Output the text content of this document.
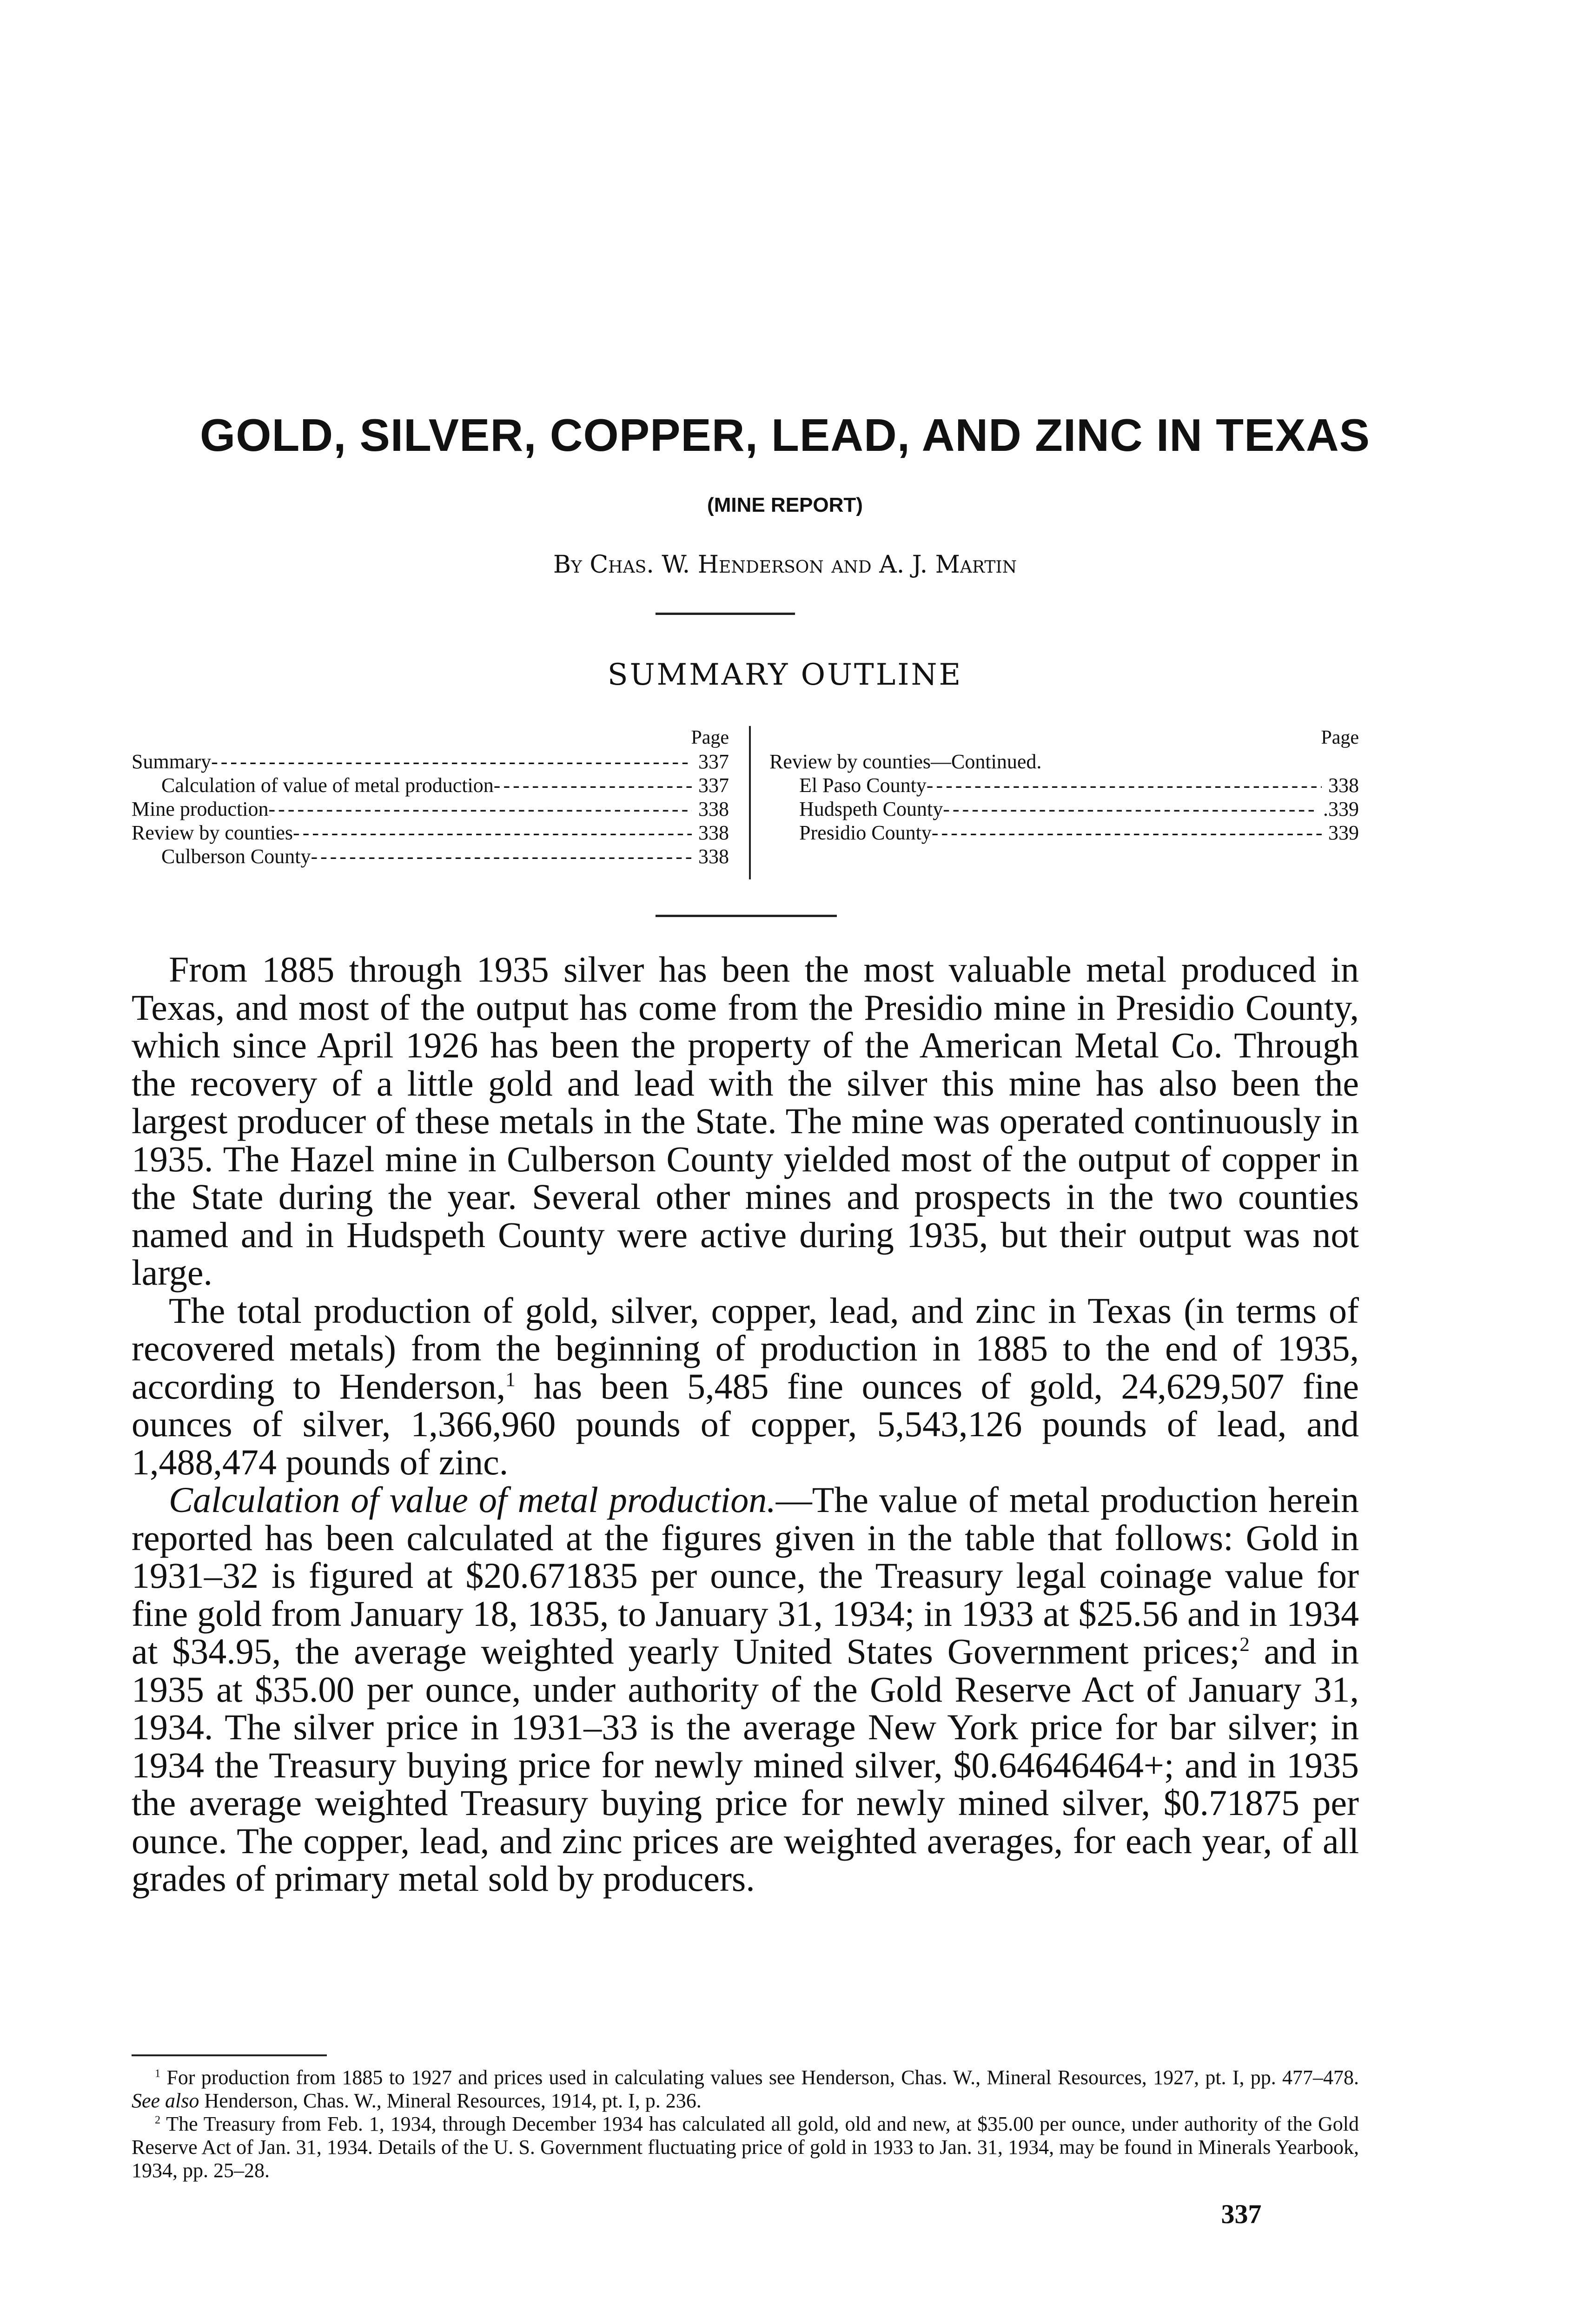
GOLD, SILVER, COPPER, LEAD, AND ZINC IN TEXAS
(MINE REPORT)
By Chas. W. Henderson and A. J. Martin
SUMMARY OUTLINE
Page
Summary -----	337
Calculation of value of metal production -----	337
Mine production -----	338
Review by counties -----	338
Culberson County -----	338
Page
Review by counties—Continued.
El Paso County -----	338
Hudspeth County -----	.339
Presidio County -----	339

From 1885 through 1935 silver has been the most valuable metal produced in Texas, and most of the output has come from the Presidio mine in Presidio County, which since April 1926 has been the property of the American Metal Co. Through the recovery of a little gold and lead with the silver this mine has also been the largest producer of these metals in the State. The mine was operated continuously in 1935. The Hazel mine in Culberson County yielded most of the output of copper in the State during the year. Several other mines and prospects in the two counties named and in Hudspeth County were active during 1935, but their output was not large.

The total production of gold, silver, copper, lead, and zinc in Texas (in terms of recovered metals) from the beginning of production in 1885 to the end of 1935, according to Henderson,$^1$ has been 5,485 fine ounces of gold, 24,629,507 fine ounces of silver, 1,366,960 pounds of copper, 5,543,126 pounds of lead, and 1,488,474 pounds of zinc.

Calculation of value of metal production.—The value of metal production herein reported has been calculated at the figures given in the table that follows: Gold in 1931–32 is figured at $20.671835 per ounce, the Treasury legal coinage value for fine gold from January 18, 1835, to January 31, 1934; in 1933 at $25.56 and in 1934 at $34.95, the average weighted yearly United States Government prices;$^2$ and in 1935 at $35.00 per ounce, under authority of the Gold Reserve Act of January 31, 1934. The silver price in 1931–33 is the average New York price for bar silver; in 1934 the Treasury buying price for newly mined silver, $0.64646464+; and in 1935 the average weighted Treasury buying price for newly mined silver, $0.71875 per ounce. The copper, lead, and zinc prices are weighted averages, for each year, of all grades of primary metal sold by producers.

$^1$ For production from 1885 to 1927 and prices used in calculating values see Henderson, Chas. W., Mineral Resources, 1927, pt. I, pp. 477–478. See also Henderson, Chas. W., Mineral Resources, 1914, pt. I, p. 236.

$^2$ The Treasury from Feb. 1, 1934, through December 1934 has calculated all gold, old and new, at $35.00 per ounce, under authority of the Gold Reserve Act of Jan. 31, 1934. Details of the U. S. Government fluctuating price of gold in 1933 to Jan. 31, 1934, may be found in Minerals Yearbook, 1934, pp. 25–28.

337
